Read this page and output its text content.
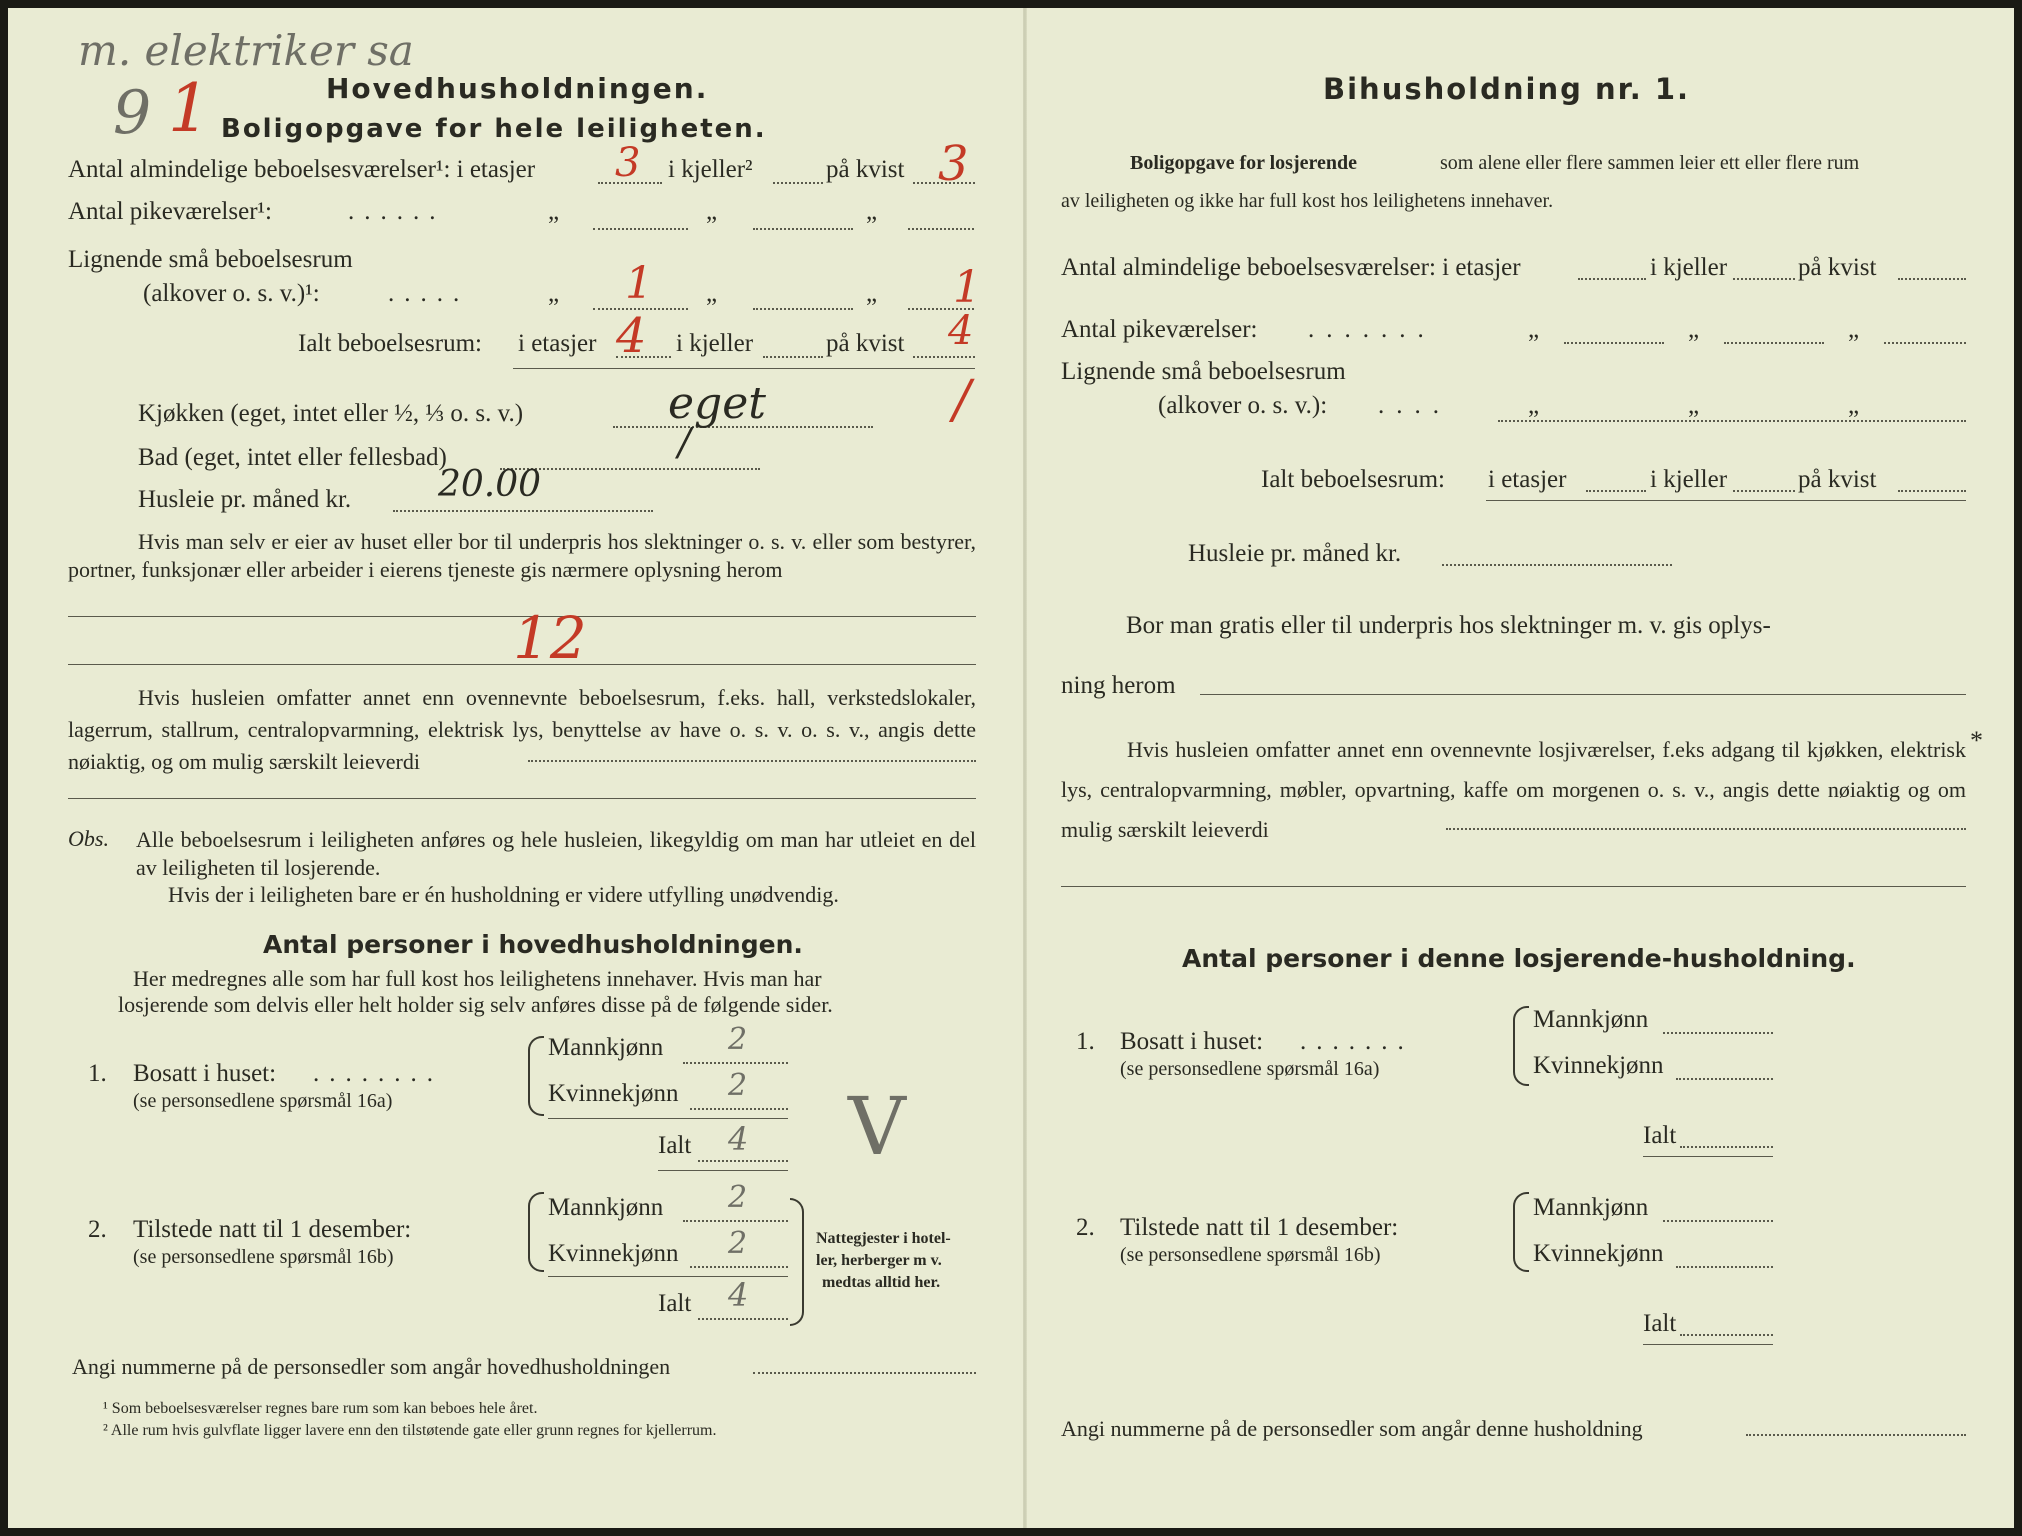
m. elektriker sa
9 1	Hovedhusholdningen.
Boligopgave for hele leiligheten.
Antal almindelige beboelsesværelser¹: i etasjer 3 i kjeller²	på kvist 3
Antal pikeværelser¹:	......	„	„	„
Lignende små beboelsesrum
(alkover o. s. v.)¹:	.....	„ 1 „	„ 1
Ialt beboelsesrum: i etasjer 4 i kjeller	på kvist 4
/
Kjøkken (eget, intet eller ½, ⅓ o. s. v.)	eget
Bad (eget, intet eller fellesbad)	/
Husleie pr. måned kr. 20.00
Hvis man selv er eier av huset eller bor til underpris hos slektninger o. s. v. eller som bestyrer, portner, funksjonær eller arbeider i eierens tjeneste gis nærmere oplysning herom
12
Hvis husleien omfatter annet enn ovennevnte beboelsesrum, f.eks. hall, verkstedslokaler, lagerrum, stallrum, centralopvarmning, elektrisk lys, benyttelse av have o. s. v. o. s. v., angis dette nøiaktig, og om mulig særskilt leieverdi
Obs. Alle beboelsesrum i leiligheten anføres og hele husleien, likegyldig om man har utleiet en del av leiligheten til losjerende.
Hvis der i leiligheten bare er én husholdning er videre utfylling unødvendig.
Antal personer i hovedhusholdningen.
Her medregnes alle som har full kost hos leilighetens innehaver. Hvis man har
losjerende som delvis eller helt holder sig selv anføres disse på de følgende sider.
1. Bosatt i huset: ........
(se personsedlene spørsmål 16a)
Mannkjønn 2
Kvinnekjønn 2
Ialt 4 V
2. Tilstede natt til 1 desember:
(se personsedlene spørsmål 16b)
Mannkjønn 2
Kvinnekjønn 2
Ialt 4
Nattegjester i hotel-
ler, herberger m v.
medtas alltid her.
Angi nummerne på de personsedler som angår hovedhusholdningen
¹ Som beboelsesværelser regnes bare rum som kan beboes hele året.
² Alle rum hvis gulvflate ligger lavere enn den tilstøtende gate eller grunn regnes for kjellerrum.
Bihusholdning nr. 1.
Boligopgave for losjerende	som alene eller flere sammen leier ett eller flere rum
av leiligheten og ikke har full kost hos leilighetens innehaver.
Antal almindelige beboelsesværelser: i etasjer	i kjeller	på kvist
Antal pikeværelser: .......	„	„	„
Lignende små beboelsesrum
(alkover o. s. v.): ....	„	„	„
Ialt beboelsesrum: i etasjer	i kjeller	på kvist
Husleie pr. måned kr.
Bor man gratis eller til underpris hos slektninger m. v. gis oplys-
ning herom
Hvis husleien omfatter annet enn ovennevnte losjiværelser, f.eks adgang til kjøkken, elektrisk lys, centralopvarmning, møbler, opvartning, kaffe om morgenen o. s. v., angis dette nøiaktig og om mulig særskilt leieverdi
*
Antal personer i denne losjerende-husholdning.
1. Bosatt i huset: .......
(se personsedlene spørsmål 16a)
Mannkjønn
Kvinnekjønn
Ialt
2. Tilstede natt til 1 desember:
(se personsedlene spørsmål 16b)
Mannkjønn
Kvinnekjønn
Ialt
Angi nummerne på de personsedler som angår denne husholdning
